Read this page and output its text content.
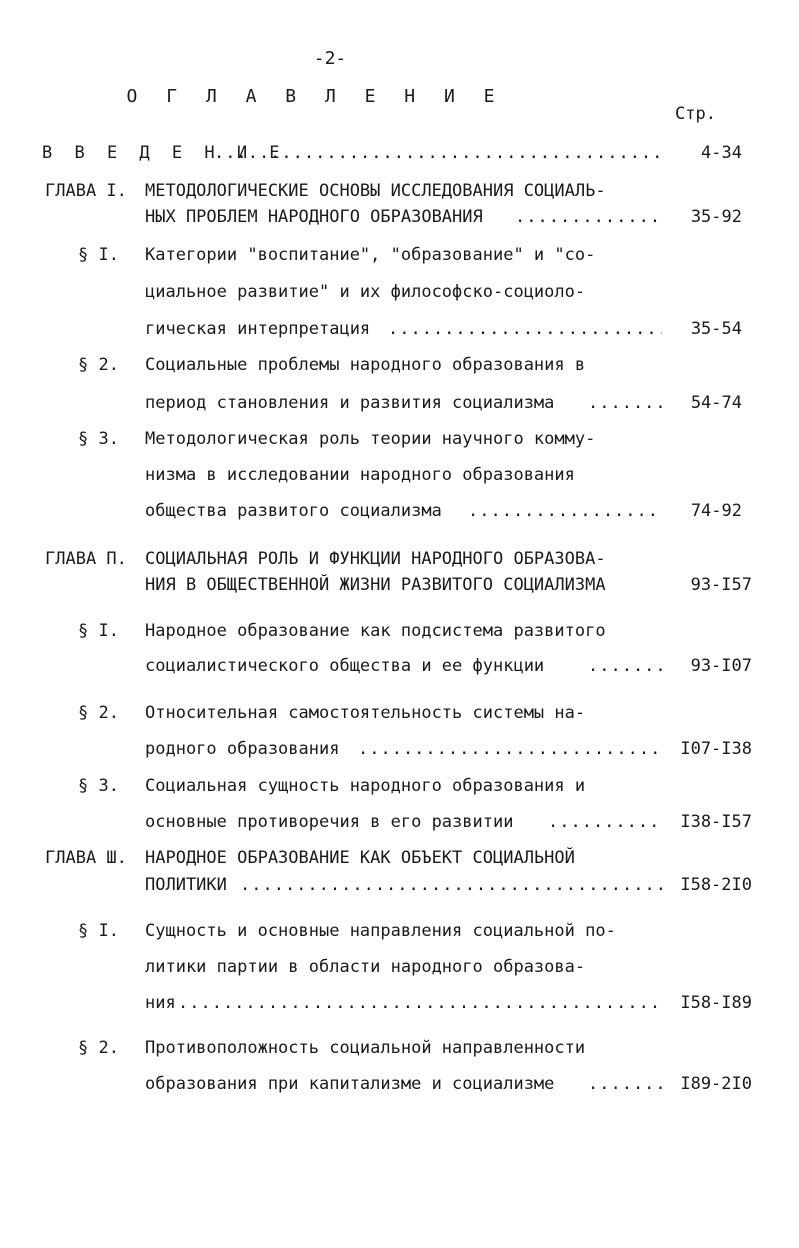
-2-
О Г Л А В Л Е Н И Е
Стр.
В В Е Д Е Н И Е .....	4-34
ГЛАВА I. МЕТОДОЛОГИЧЕСКИЕ ОСНОВЫ ИССЛЕДОВАНИЯ СОЦИАЛЬ-
НЫХ ПРОБЛЕМ НАРОДНОГО ОБРАЗОВАНИЯ .....	35-92
§ I. Категории "воспитание", "образование" и "со-
циальное развитие" и их философско-социоло-
гическая интерпретация .....	35-54
§ 2. Социальные проблемы народного образования в
период становления и развития социализма .....	54-74
§ 3. Методологическая роль теории научного комму-
низма в исследовании народного образования
общества развитого социализма .....	74-92
ГЛАВА П. СОЦИАЛЬНАЯ РОЛЬ И ФУНКЦИИ НАРОДНОГО ОБРАЗОВА-
НИЯ В ОБЩЕСТВЕННОЙ ЖИЗНИ РАЗВИТОГО СОЦИАЛИЗМА	93-I57
§ I. Народное образование как подсистема развитого
социалистического общества и ее функции .....	93-I07
§ 2. Относительная самостоятельность системы на-
родного образования .....	I07-I38
§ 3. Социальная сущность народного образования и
основные противоречия в его развитии .....	I38-I57
ГЛАВА Ш. НАРОДНОЕ ОБРАЗОВАНИЕ КАК ОБЪЕКТ СОЦИАЛЬНОЙ
ПОЛИТИКИ .....	I58-2I0
§ I. Сущность и основные направления социальной по-
литики партии в области народного образова-
ния .....	I58-I89
§ 2. Противоположность социальной направленности
образования при капитализме и социализме .....	I89-2I0
